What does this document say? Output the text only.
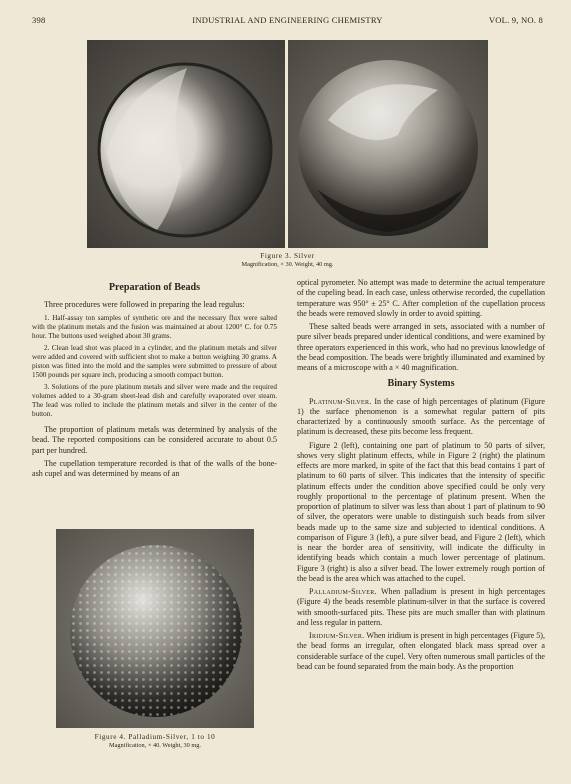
398	INDUSTRIAL AND ENGINEERING CHEMISTRY	VOL. 9, NO. 8
Figure 3. Silver
Magnification, × 30. Weight, 40 mg.
Preparation of Beads

Three procedures were followed in preparing the lead regulus:

1. Half-assay ton samples of synthetic ore and the necessary flux were salted with the platinum metals and the fusion was maintained at about 1200° C. for 0.75 hour. The buttons used weighed about 30 grams.

2. Clean lead shot was placed in a cylinder, and the platinum metals and silver were added and covered with sufficient shot to make a button weighing 30 grams. A piston was fitted into the mold and the samples were submitted to pressure of about 1500 pounds per square inch, producing a smooth compact button.

3. Solutions of the pure platinum metals and silver were made and the required volumes added to a 30-gram sheet-lead dish and carefully evaporated over steam. The lead was rolled to include the platinum metals and silver in the center of the button.

The proportion of platinum metals was determined by analysis of the bead. The reported compositions can be considered accurate to about 0.5 part per hundred.

The cupellation temperature recorded is that of the walls of the bone-ash cupel and was determined by means of an

Figure 4. Palladium-Silver, 1 to 10
Magnification, × 40. Weight, 30 mg.

optical pyrometer. No attempt was made to determine the actual temperature of the cupeling bead. In each case, unless otherwise recorded, the cupellation temperature was 950° ± 25° C. After completion of the cupellation process the beads were removed slowly in order to avoid spitting.

These salted beads were arranged in sets, associated with a number of pure silver beads prepared under identical conditions, and were examined by three operators experienced in this work, who had no previous knowledge of the bead composition. The beads were brightly illuminated and examined by means of a microscope with a × 40 magnification.

Binary Systems

Platinum-Silver. In the case of high percentages of platinum (Figure 1) the surface phenomenon is a somewhat regular pattern of pits characterized by a continuously smooth surface. As the percentage of platinum is decreased, these pits become less frequent.

Figure 2 (left), containing one part of platinum to 50 parts of silver, shows very slight platinum effects, while in Figure 2 (right) the platinum effects are more marked, in spite of the fact that this bead contains 1 part of platinum to 60 parts of silver. This indicates that the intensity of specific platinum effects under the condition above specified could be only very roughly proportional to the percentage of platinum present. When the proportion of platinum to silver was less than about 1 part of platinum to 90 of silver, the operators were unable to distinguish such beads from silver beads made up to the same size and subjected to identical conditions. A comparison of Figure 3 (left), a pure silver bead, and Figure 2 (left), which is near the border area of sensitivity, will indicate the difficulty in identifying beads which contain a much lower percentage of platinum. Figure 3 (right) is also a silver bead. The lower extremely rough portion of the bead is the area which was attached to the cupel.

Palladium-Silver. When palladium is present in high percentages (Figure 4) the beads resemble platinum-silver in that the surface is covered with smooth-surfaced pits. These pits are much smaller than with platinum and less regular in pattern.

Iridium-Silver. When iridium is present in high percentages (Figure 5), the bead forms an irregular, often elongated black mass spread over a considerable surface of the cupel. Very often numerous small particles of the bead can be found separated from the main body. As the proportion
